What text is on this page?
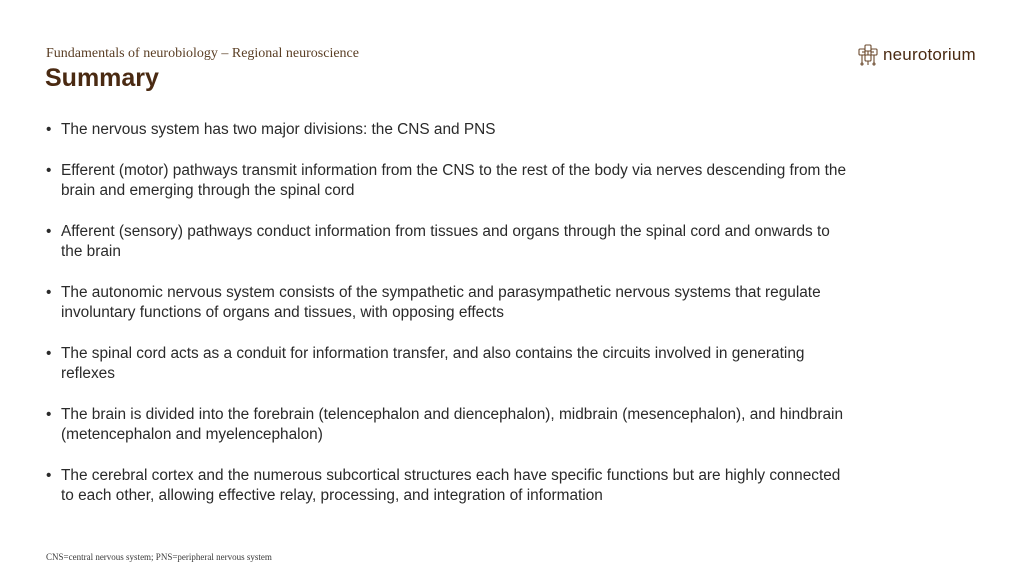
Fundamentals of neurobiology – Regional neuroscience
Summary
neurotorium
• The nervous system has two major divisions: the CNS and PNS
• Efferent (motor) pathways transmit information from the CNS to the rest of the body via nerves descending from the brain and emerging through the spinal cord
• Afferent (sensory) pathways conduct information from tissues and organs through the spinal cord and onwards to the brain
• The autonomic nervous system consists of the sympathetic and parasympathetic nervous systems that regulate involuntary functions of organs and tissues, with opposing effects
• The spinal cord acts as a conduit for information transfer, and also contains the circuits involved in generating reflexes
• The brain is divided into the forebrain (telencephalon and diencephalon), midbrain (mesencephalon), and hindbrain (metencephalon and myelencephalon)
• The cerebral cortex and the numerous subcortical structures each have specific functions but are highly connected to each other, allowing effective relay, processing, and integration of information
CNS=central nervous system; PNS=peripheral nervous system
